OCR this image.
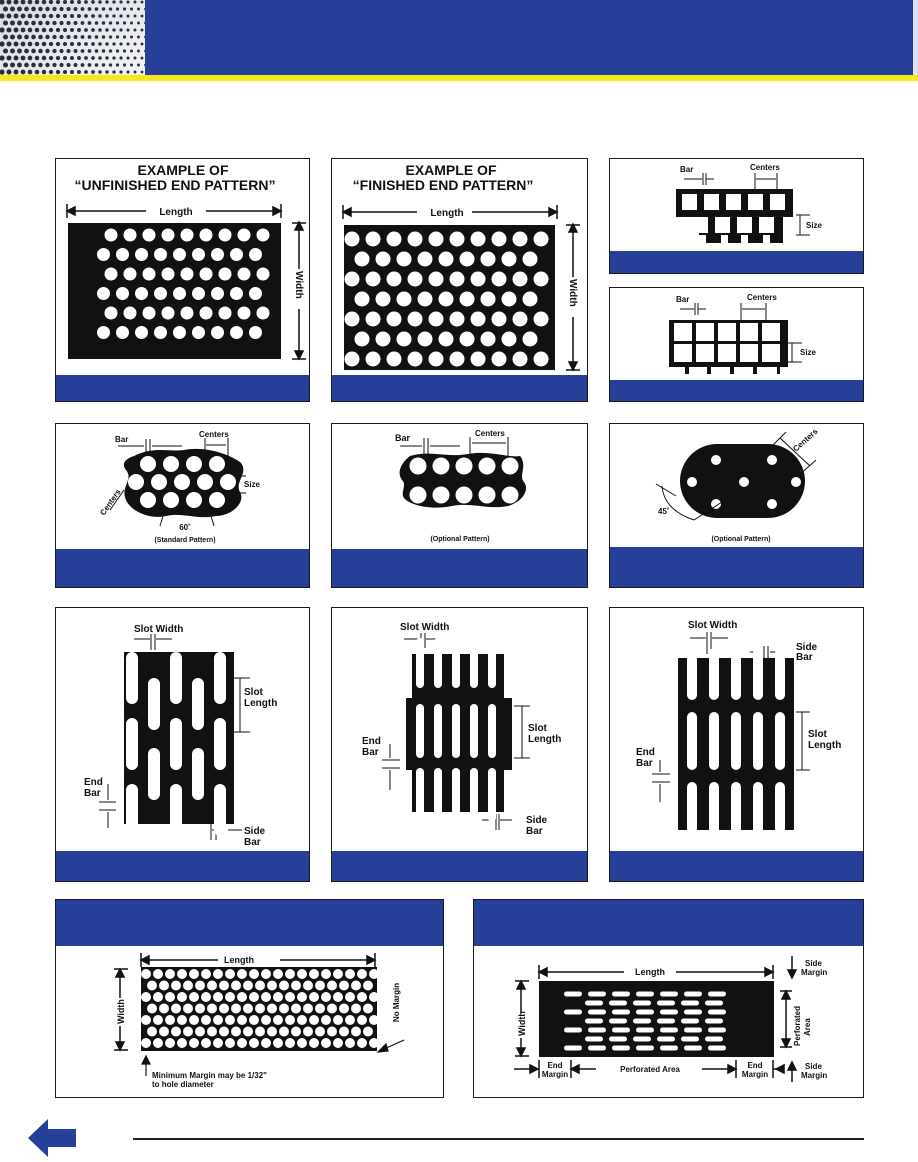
EXAMPLE OF
“UNFINISHED END PATTERN”
Length
Width
EXAMPLE OF
“FINISHED END PATTERN”
Length
Width
Bar	Centers
Size
Bar	Centers
Size
Bar
Centers
Size
Centers
60˚
(Standard Pattern)
Bar	Centers
(Optional Pattern)
Centers
45˚
(Optional Pattern)
Slot Width
Slot
Length
End
Bar
Side
Bar
Slot Width
Slot
Length
End
Bar
Side
Bar
Slot Width
Side
Bar
Slot
Length
End
Bar
Length
Width	No Margin
Minimum Margin may be 1/32"
to hole diameter
Length
Side
Margin
Width	Perforated Area
End
Margin
Perforated Area	End
Margin
Side
Margin
